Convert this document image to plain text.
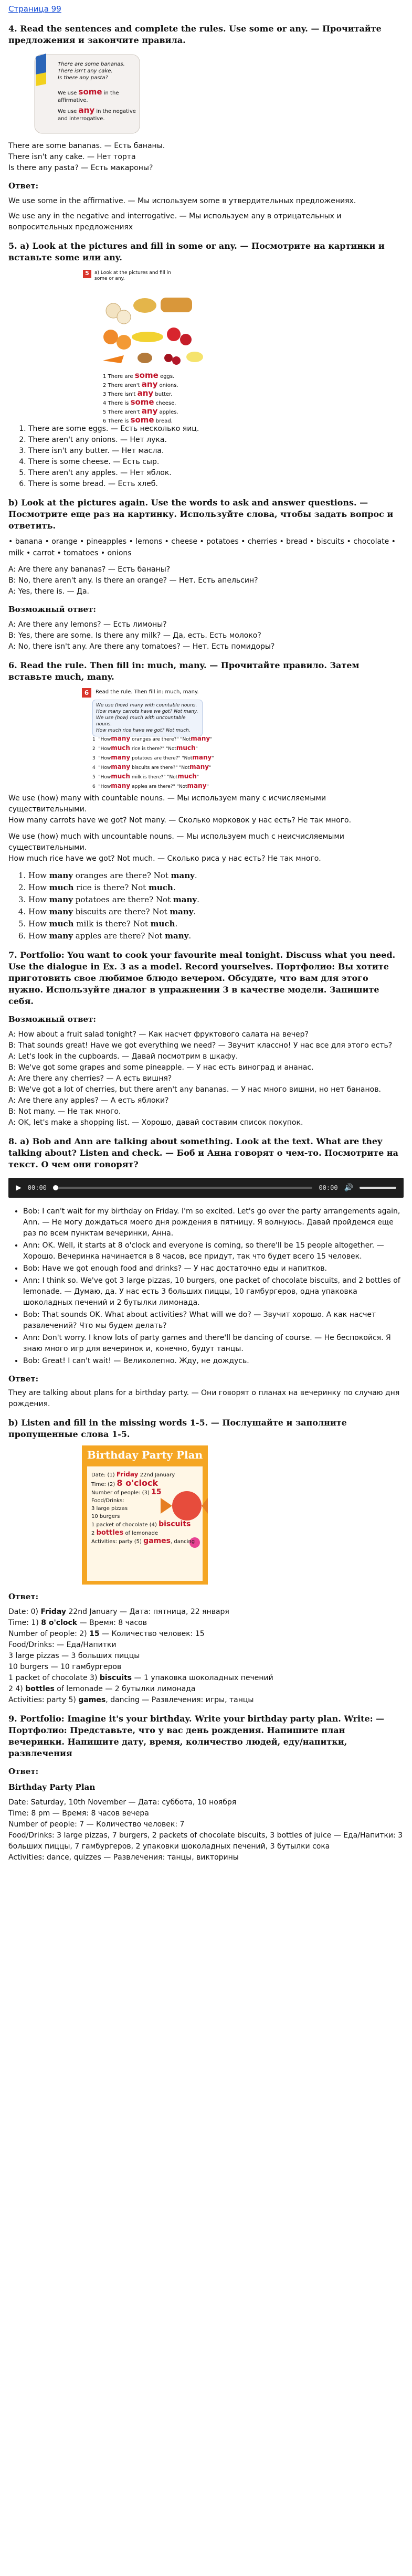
Страница 99
4. Read the sentences and complete the rules. Use some or any. — Прочитайте предложения и закончите правила.
There are some bananas.
There isn't any cake.
Is there any pasta?
We use some in the affirmative.
We use any in the negative and interrogative.

There are some bananas. — Есть бананы.

There isn't any cake. — Нет торта

Is there any pasta? — Есть макароны?

Ответ:

We use some in the affirmative. — Мы используем some в утвердительных предложениях.

We use any in the negative and interrogative. — Мы используем any в отрицательных и вопросительных предложениях

5. a) Look at the pictures and fill in some or any. — Посмотрите на картинки и вставьте some или any.
a) Look at the pictures and fill in some or any.
5
1 There are some eggs.
2 There aren't any onions.
3 There isn't any butter.
4 There is some cheese.
5 There aren't any apples.
6 There is some bread.
1. There are some eggs. — Есть несколько яиц.
2. There aren't any onions. — Нет лука.
3. There isn't any butter. — Нет масла.
4. There is some cheese. — Есть сыр.
5. There aren't any apples. — Нет яблок.
6. There is some bread. — Есть хлеб.
b) Look at the pictures again. Use the words to ask and answer questions. — Посмотрите еще раз на картинку. Используйте слова, чтобы задать вопрос и ответить.

• banana • orange • pineapples • lemons • cheese • potatoes • cherries • bread • biscuits • chocolate • milk • carrot • tomatoes • onions

A: Are there any bananas? — Есть бананы?

B: No, there aren't any. Is there an orange? — Нет. Есть апельсин?

A: Yes, there is. — Да.

Возможный ответ:

A: Are there any lemons? — Есть лимоны?

B: Yes, there are some. Is there any milk? — Да, есть. Есть молоко?

A: No, there isn't any. Are there any tomatoes? — Нет. Есть помидоры?

6. Read the rule. Then fill in: much, many. — Прочитайте правило. Затем вставьте much, many.
6	Read the rule. Then fill in: much, many.
We use (how) many with countable nouns.
How many carrots have we got? Not many.
We use (how) much with uncountable nouns.
How much rice have we got? Not much.
1 "Howmany oranges are there?" "Notmany"
2 "Howmuch rice is there?" "Notmuch"
3 "Howmany potatoes are there?" "Notmany"
4 "Howmany biscuits are there?" "Notmany"
5 "Howmuch milk is there?" "Notmuch"
6 "Howmany apples are there?" "Notmany"

We use (how) many with countable nouns. — Мы используем many с исчисляемыми существительными.

How many carrots have we got? Not many. — Сколько морковок у нас есть? Не так много.

We use (how) much with uncountable nouns. — Мы используем much с неисчисляемыми существительными.

How much rice have we got? Not much. — Сколько риса у нас есть? Не так много.

1. How many oranges are there? Not many.
2. How much rice is there? Not much.
3. How many potatoes are there? Not many.
4. How many biscuits are there? Not many.
5. How much milk is there? Not much.
6. How many apples are there? Not many.
7. Portfolio: You want to cook your favourite meal tonight. Discuss what you need. Use the dialogue in Ex. 3 as a model. Record yourselves. Портфолио: Вы хотите приготовить свое любимое блюдо вечером. Обсудите, что вам для этого нужно. Используйте диалог в упражнении 3 в качестве модели. Запишите себя.
Возможный ответ:

A: How about a fruit salad tonight? — Как насчет фруктового салата на вечер?

B: That sounds great! Have we got everything we need? — Звучит классно! У нас все для этого есть?

A: Let's look in the cupboards. — Давай посмотрим в шкафу.

B: We've got some grapes and some pineapple. — У нас есть виноград и ананас.

A: Are there any cherries? — А есть вишня?

B: We've got a lot of cherries, but there aren't any bananas. — У нас много вишни, но нет бананов.

A: Are there any apples? — А есть яблоки?

B: Not many. — Не так много.

A: OK, let's make a shopping list. — Хорошо, давай составим список покупок.

8. a) Bob and Ann are talking about something. Look at the text. What are they talking about? Listen and check. — Боб и Анна говорят о чем-то. Посмотрите на текст. О чем они говорят?
▶ 00:00	00:00 🔊
• Bob: I can't wait for my birthday on Friday. I'm so excited. Let's go over the party arrangements again, Ann. — Не могу дождаться моего дня рождения в пятницу. Я волнуюсь. Давай пройдемся еще раз по всем пунктам вечеринки, Анна.
• Ann: OK. Well, it starts at 8 o'clock and everyone is coming, so there'll be 15 people altogether. — Хорошо. Вечеринка начинается в 8 часов, все придут, так что будет всего 15 человек.
• Bob: Have we got enough food and drinks? — У нас достаточно еды и напитков.
• Ann: I think so. We've got 3 large pizzas, 10 burgers, one packet of chocolate biscuits, and 2 bottles of lemonade. — Думаю, да. У нас есть 3 больших пиццы, 10 гамбургеров, одна упаковка шоколадных печений и 2 бутылки лимонада.
• Bob: That sounds OK. What about activities? What will we do? — Звучит хорошо. А как насчет развлечений? Что мы будем делать?
• Ann: Don't worry. I know lots of party games and there'll be dancing of course. — Не беспокойся. Я знаю много игр для вечеринок и, конечно, будут танцы.
• Bob: Great! I can't wait! — Великолепно. Жду, не дождусь.
Ответ:

They are talking about plans for a birthday party. — Они говорят о планах на вечеринку по случаю дня рождения.

b) Listen and fill in the missing words 1-5. — Послушайте и заполните пропущенные слова 1-5.
Birthday Party Plan
Date: (1) Friday 22nd January
Time: (2) 8 o'clock
Number of people: (3) 15
Food/Drinks:
3 large pizzas
10 burgers
1 packet of chocolate (4) biscuits
2 bottles of lemonade
Activities: party (5) games, dancing
Ответ:

Date: 0) Friday 22nd January — Дата: пятница, 22 января

Time: 1) 8 o'clock — Время: 8 часов

Number of people: 2) 15 — Количество человек: 15

Food/Drinks: — Еда/Напитки

3 large pizzas — 3 больших пиццы

10 burgers — 10 гамбургеров

1 packet of chocolate 3) biscuits — 1 упаковка шоколадных печений

2 4) bottles of lemonade — 2 бутылки лимонада

Activities: party 5) games, dancing — Развлечения: игры, танцы

9. Portfolio: Imagine it's your birthday. Write your birthday party plan. Write: — Портфолио: Представьте, что у вас день рождения. Напишите план вечеринки. Напишите дату, время, количество людей, еду/напитки, развлечения
Ответ:
Birthday Party Plan

Date: Saturday, 10th November — Дата: суббота, 10 ноября

Time: 8 pm — Время: 8 часов вечера

Number of people: 7 — Количество человек: 7

Food/Drinks: 3 large pizzas, 7 burgers, 2 packets of chocolate biscuits, 3 bottles of juice — Еда/Напитки: 3 больших пиццы, 7 гамбургеров, 2 упаковки шоколадных печений, 3 бутылки сока

Activities: dance, quizzes — Развлечения: танцы, викторины
